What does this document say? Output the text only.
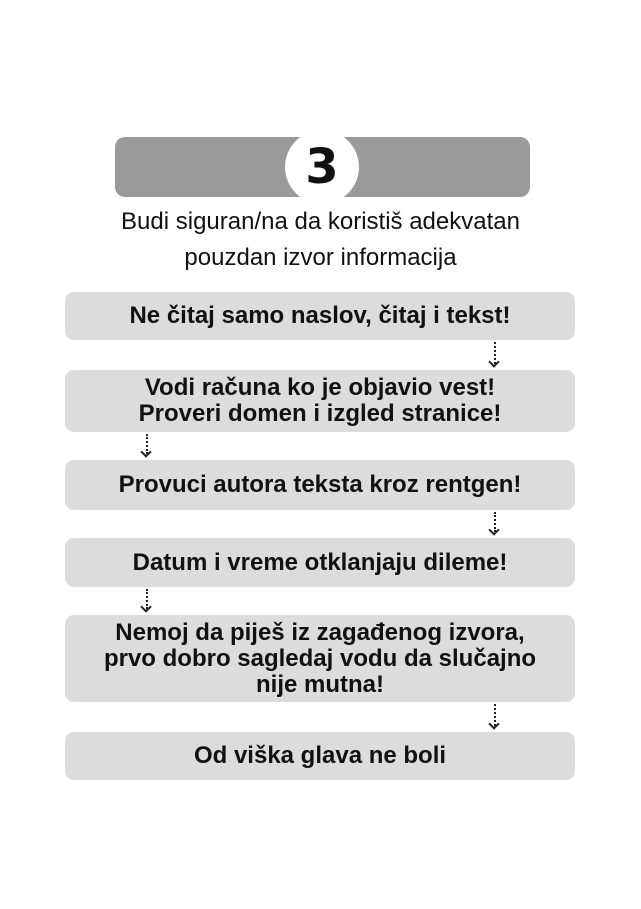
3
Budi siguran/na da koristiš adekvatan
pouzdan izvor informacija
Ne čitaj samo naslov, čitaj i tekst!
Vodi računa ko je objavio vest!
Proveri domen i izgled stranice!
Provuci autora teksta kroz rentgen!
Datum i vreme otklanjaju dileme!
Nemoj da piješ iz zagađenog izvora,
prvo dobro sagledaj vodu da slučajno
nije mutna!
Od viška glava ne boli
